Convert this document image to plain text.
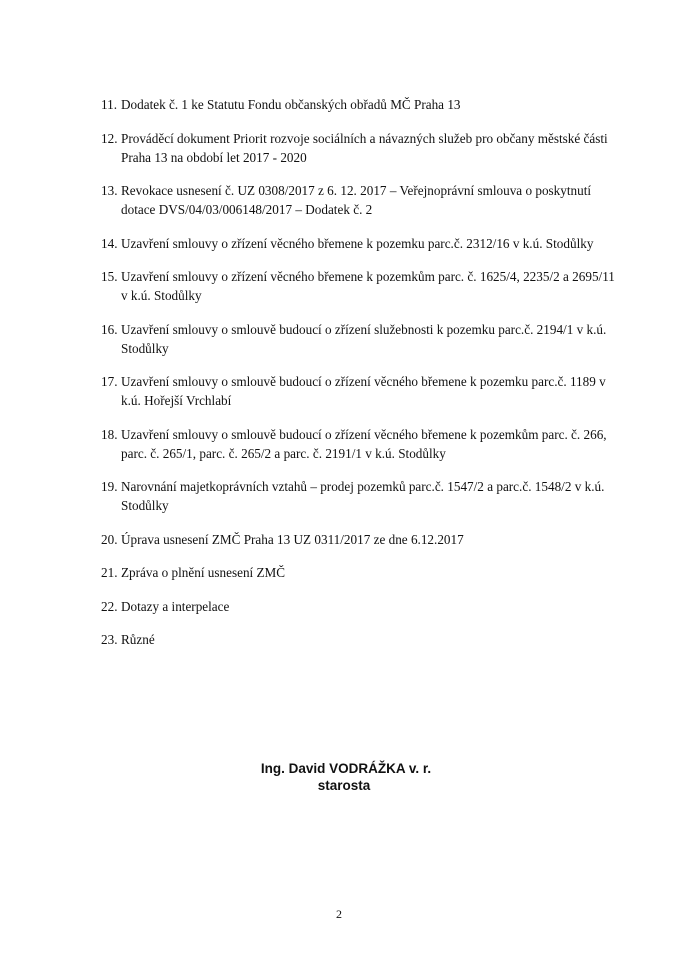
11. Dodatek č. 1 ke Statutu Fondu občanských obřadů MČ Praha 13
12. Prováděcí dokument Priorit rozvoje sociálních a návazných služeb pro občany městské části Praha 13 na období let 2017 - 2020
13. Revokace usnesení č. UZ 0308/2017 z 6. 12. 2017 – Veřejnoprávní smlouva o poskytnutí dotace DVS/04/03/006148/2017 – Dodatek č. 2
14. Uzavření smlouvy o zřízení věcného břemene k pozemku parc.č. 2312/16 v k.ú. Stodůlky
15. Uzavření smlouvy o zřízení věcného břemene k pozemkům parc. č. 1625/4, 2235/2 a 2695/11 v k.ú. Stodůlky
16. Uzavření smlouvy o smlouvě budoucí o zřízení služebnosti k pozemku parc.č. 2194/1 v k.ú. Stodůlky
17. Uzavření smlouvy o smlouvě budoucí o zřízení věcného břemene k pozemku parc.č. 1189 v k.ú. Hořejší Vrchlabí
18. Uzavření smlouvy o smlouvě budoucí o zřízení věcného břemene k pozemkům parc. č. 266, parc. č. 265/1, parc. č. 265/2 a parc. č. 2191/1 v k.ú. Stodůlky
19. Narovnání majetkoprávních vztahů – prodej pozemků parc.č. 1547/2 a parc.č. 1548/2 v k.ú. Stodůlky
20. Úprava usnesení ZMČ Praha 13 UZ 0311/2017 ze dne 6.12.2017
21. Zpráva o plnění usnesení ZMČ
22. Dotazy a interpelace
23. Různé
Ing. David VODRÁŽKA v. r.
starosta
2
